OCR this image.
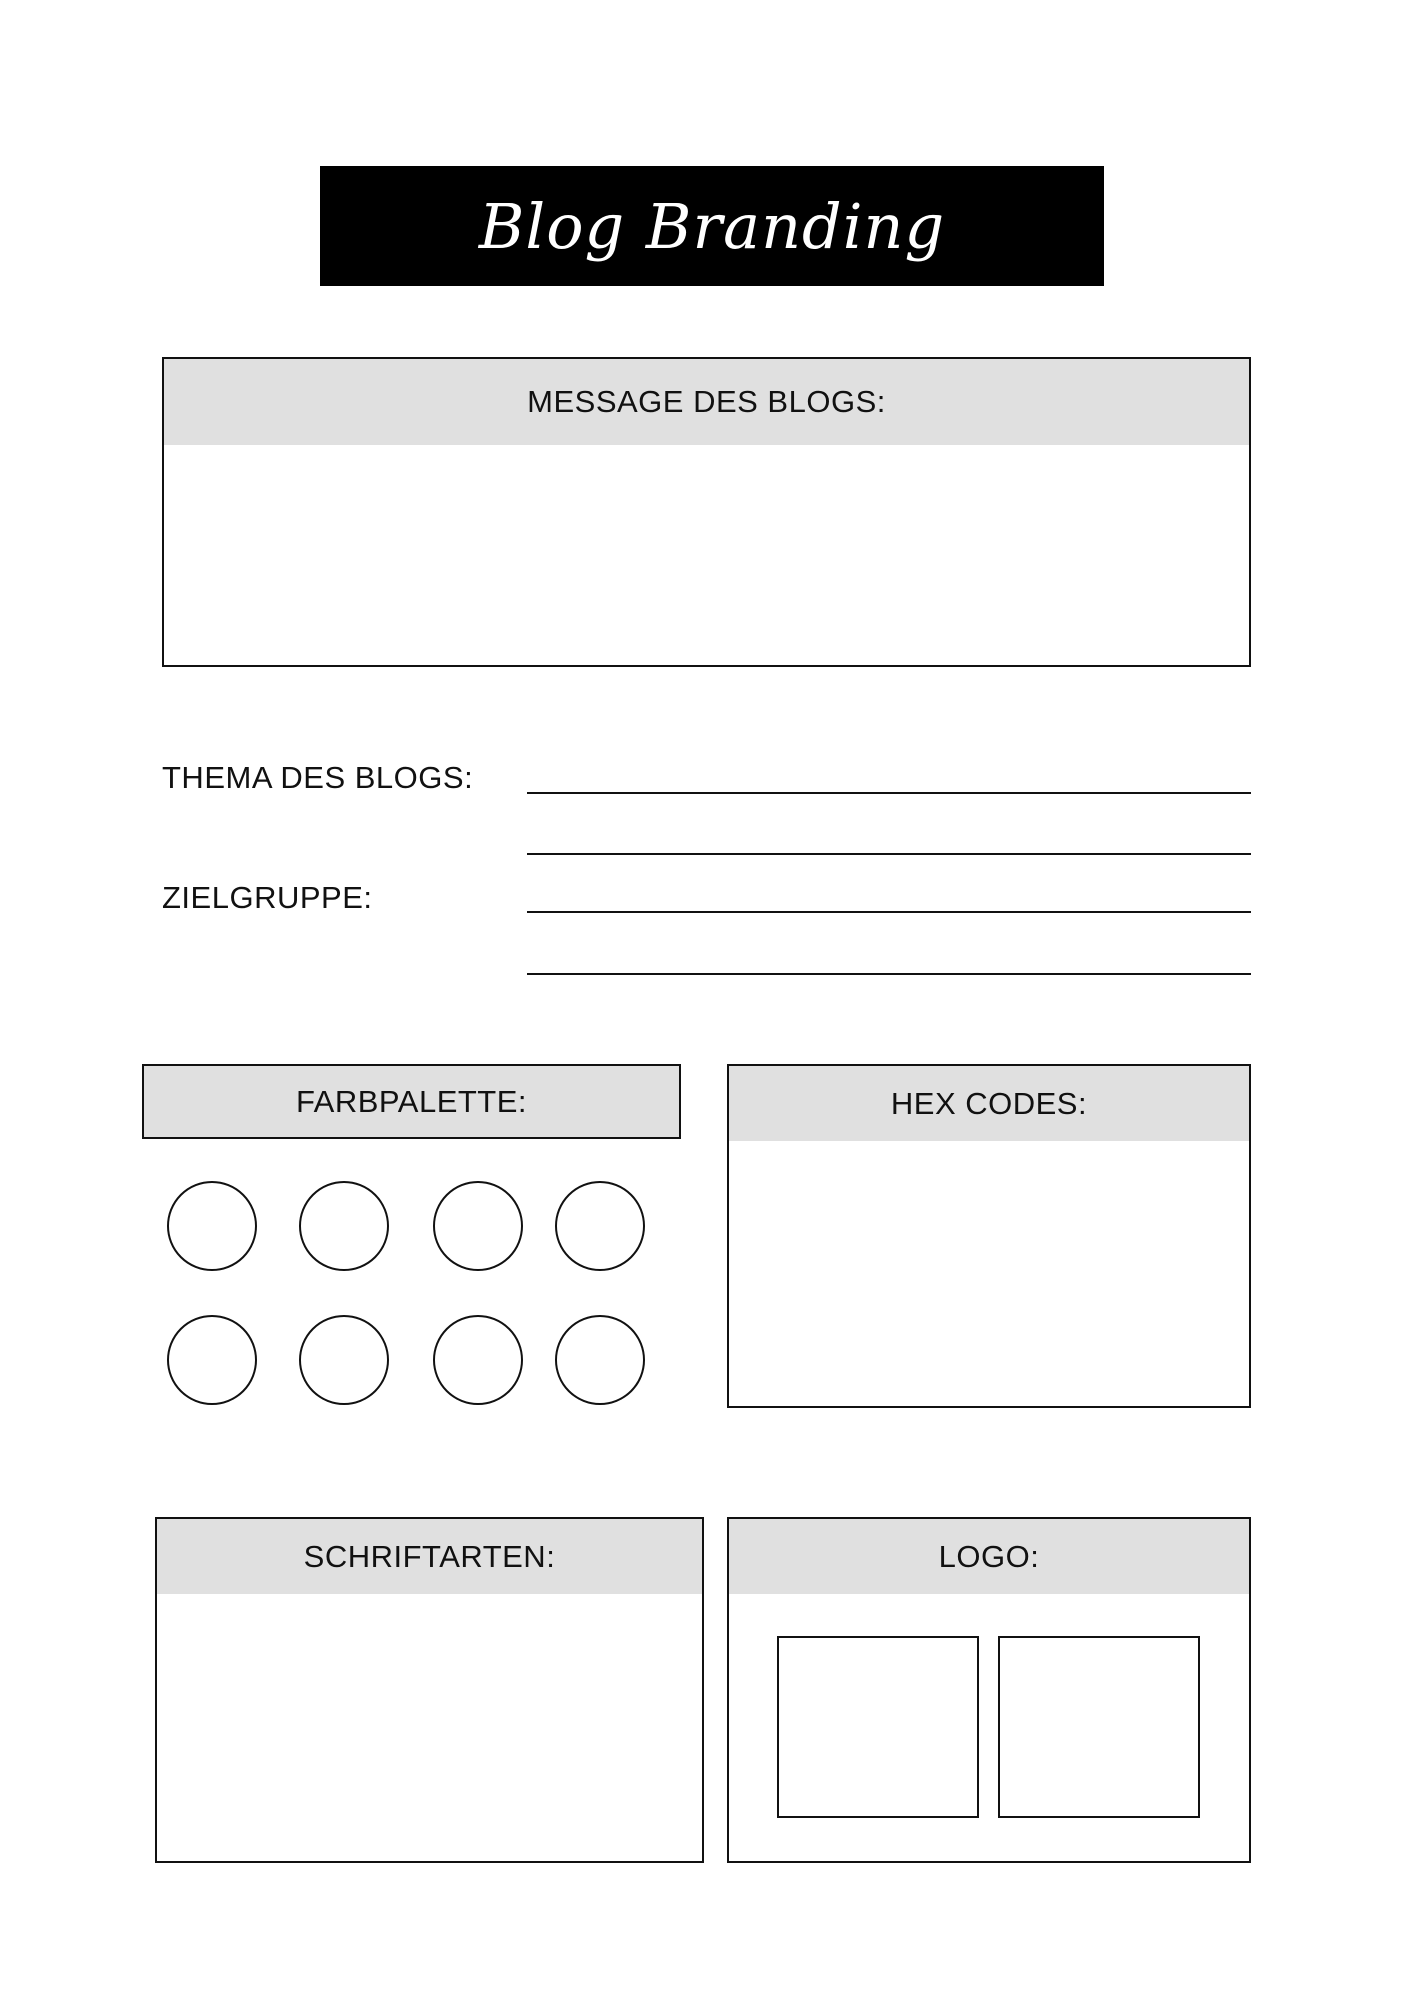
Blog Branding
MESSAGE DES BLOGS:
THEMA DES BLOGS:
ZIELGRUPPE:
FARBPALETTE:	HEX CODES:
SCHRIFTARTEN:	LOGO:
